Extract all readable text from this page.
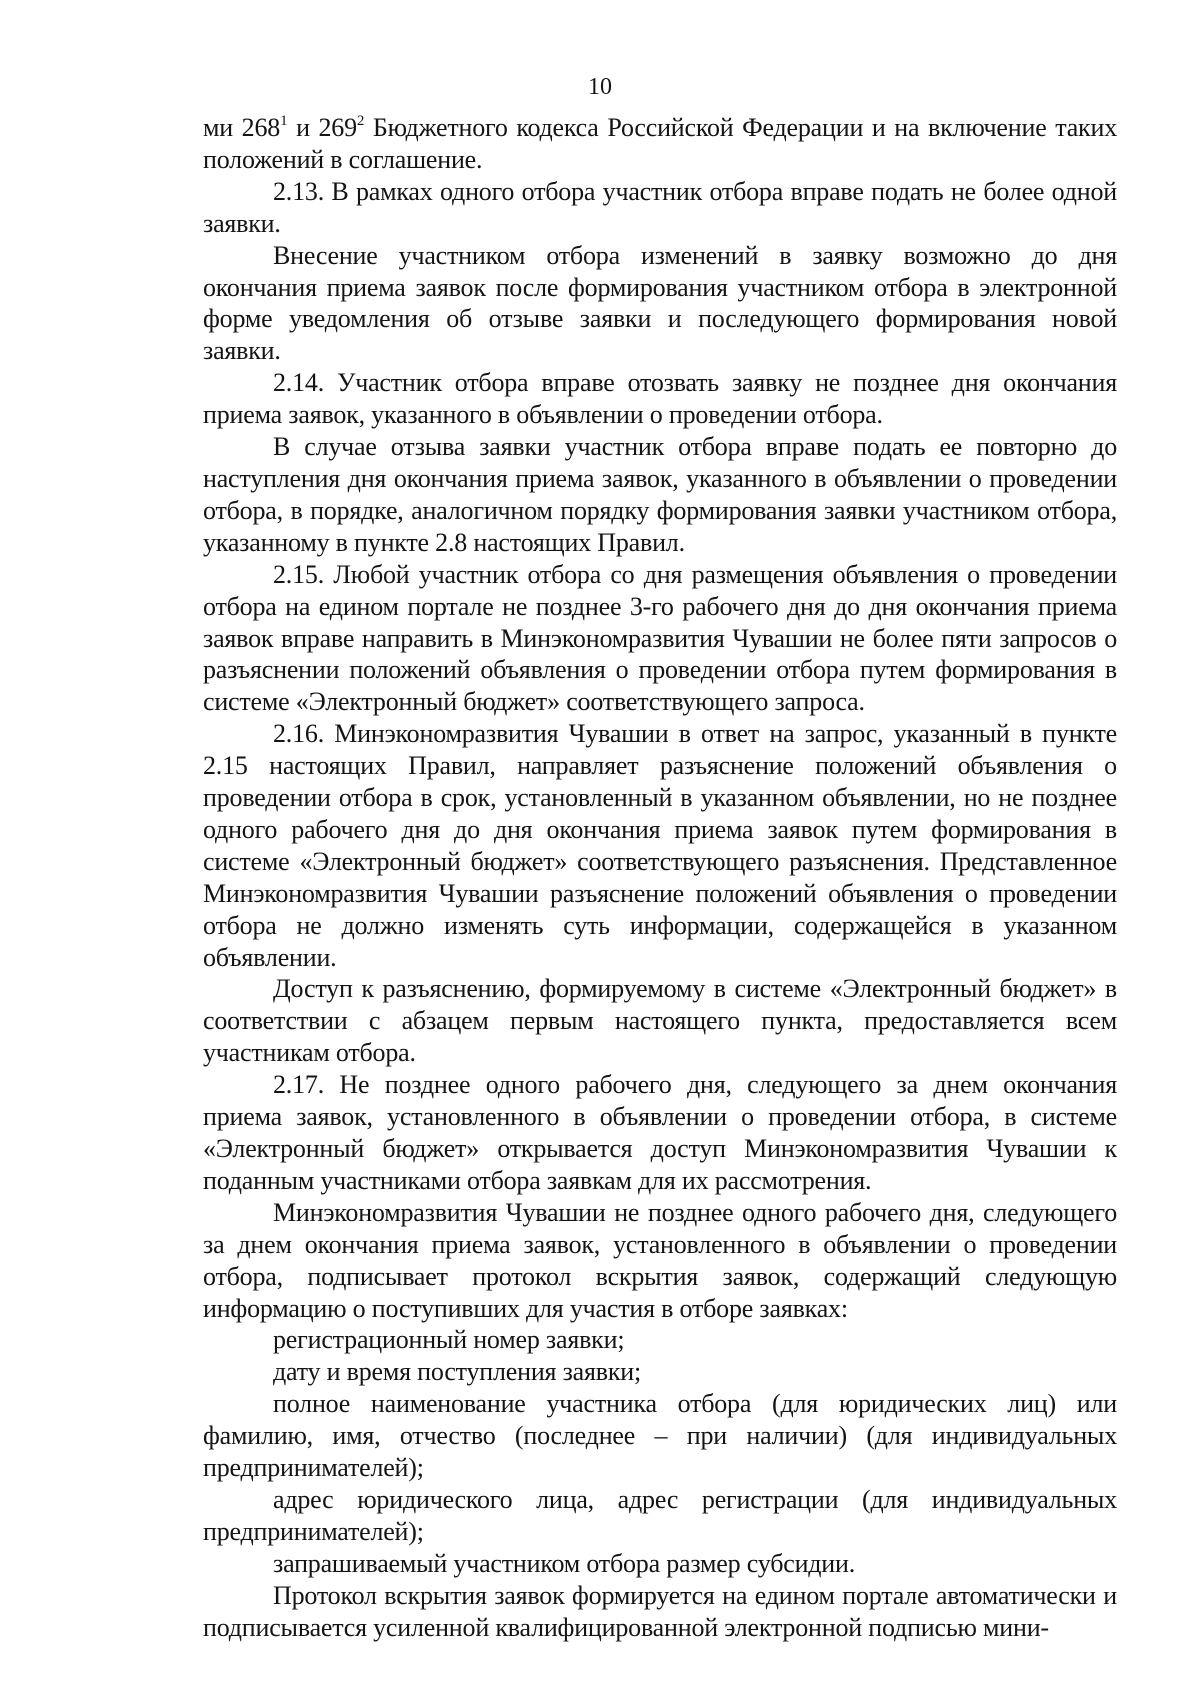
10

ми $268^1$ и $269^2$ Бюджетного кодекса Российской Федерации и на включение таких положений в соглашение.

2.13. В рамках одного отбора участник отбора вправе подать не более одной заявки.

Внесение участником отбора изменений в заявку возможно до дня окончания приема заявок после формирования участником отбора в электронной форме уведомления об отзыве заявки и последующего формирования новой заявки.

2.14. Участник отбора вправе отозвать заявку не позднее дня окончания приема заявок, указанного в объявлении о проведении отбора.

В случае отзыва заявки участник отбора вправе подать ее повторно до наступления дня окончания приема заявок, указанного в объявлении о проведении отбора, в порядке, аналогичном порядку формирования заявки участником отбора, указанному в пункте 2.8 настоящих Правил.

2.15. Любой участник отбора со дня размещения объявления о проведении отбора на едином портале не позднее 3-го рабочего дня до дня окончания приема заявок вправе направить в Минэкономразвития Чувашии не более пяти запросов о разъяснении положений объявления о проведении отбора путем формирования в системе «Электронный бюджет» соответствующего запроса.

2.16. Минэкономразвития Чувашии в ответ на запрос, указанный в пункте 2.15 настоящих Правил, направляет разъяснение положений объявления о проведении отбора в срок, установленный в указанном объявлении, но не позднее одного рабочего дня до дня окончания приема заявок путем формирования в системе «Электронный бюджет» соответствующего разъяснения. Представленное Минэкономразвития Чувашии разъяснение положений объявления о проведении отбора не должно изменять суть информации, содержащейся в указанном объявлении.

Доступ к разъяснению, формируемому в системе «Электронный бюджет» в соответствии с абзацем первым настоящего пункта, предоставляется всем участникам отбора.

2.17. Не позднее одного рабочего дня, следующего за днем окончания приема заявок, установленного в объявлении о проведении отбора, в системе «Электронный бюджет» открывается доступ Минэкономразвития Чувашии к поданным участниками отбора заявкам для их рассмотрения.

Минэкономразвития Чувашии не позднее одного рабочего дня, следующего за днем окончания приема заявок, установленного в объявлении о проведении отбора, подписывает протокол вскрытия заявок, содержащий следующую информацию о поступивших для участия в отборе заявках:

регистрационный номер заявки;

дату и время поступления заявки;

полное наименование участника отбора (для юридических лиц) или фамилию, имя, отчество (последнее – при наличии) (для индивидуальных предпринимателей);

адрес юридического лица, адрес регистрации (для индивидуальных предпринимателей);

запрашиваемый участником отбора размер субсидии.

Протокол вскрытия заявок формируется на едином портале автоматически и подписывается усиленной квалифицированной электронной подписью мини-
